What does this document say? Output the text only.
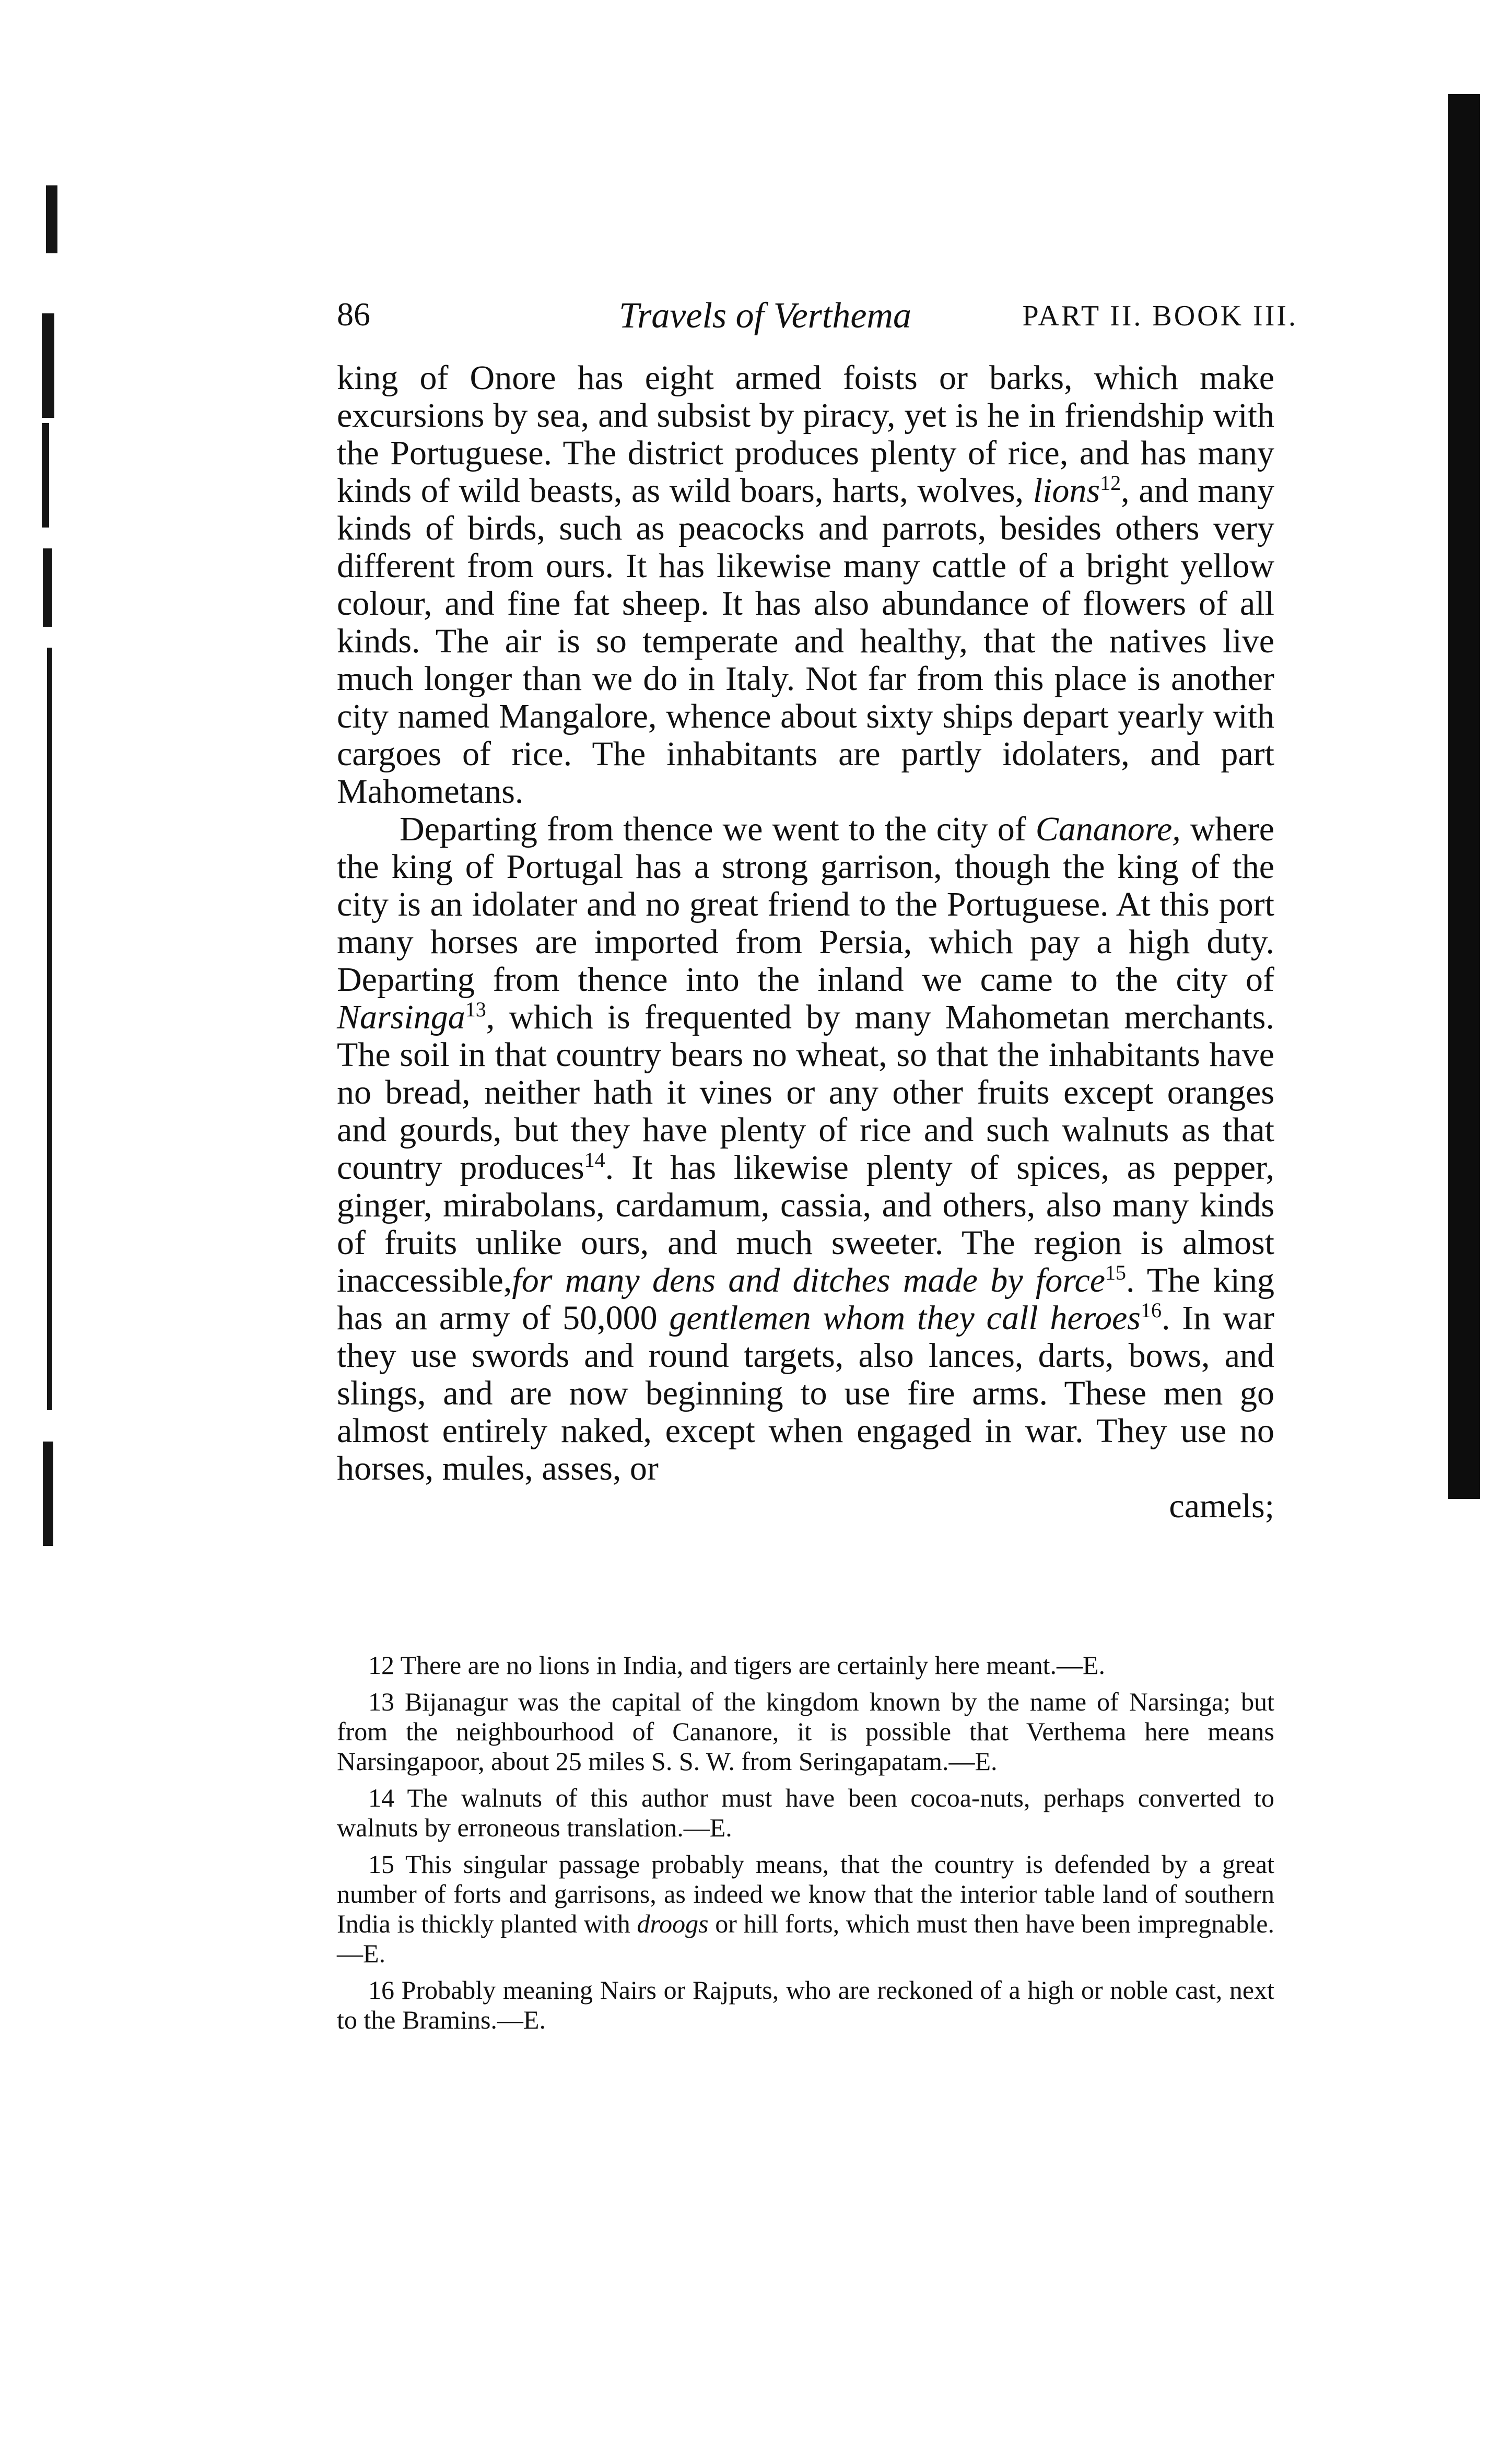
86	Travels of Verthema	PART II. BOOK III.

king of Onore has eight armed foists or barks, which make excursions by sea, and subsist by piracy, yet is he in friendship with the Portuguese. The district produces plenty of rice, and has many kinds of wild beasts, as wild boars, harts, wolves, lions$^{12}$, and many kinds of birds, such as peacocks and parrots, besides others very different from ours. It has likewise many cattle of a bright yellow colour, and fine fat sheep. It has also abundance of flowers of all kinds. The air is so temperate and healthy, that the natives live much longer than we do in Italy. Not far from this place is another city named Mangalore, whence about sixty ships depart yearly with cargoes of rice. The inhabitants are partly idolaters, and part Mahometans.

Departing from thence we went to the city of Cananore, where the king of Portugal has a strong garrison, though the king of the city is an idolater and no great friend to the Portuguese. At this port many horses are imported from Persia, which pay a high duty. Departing from thence into the inland we came to the city of Narsinga$^{13}$, which is frequented by many Mahometan merchants. The soil in that country bears no wheat, so that the inhabitants have no bread, neither hath it vines or any other fruits except oranges and gourds, but they have plenty of rice and such walnuts as that country produces$^{14}$. It has likewise plenty of spices, as pepper, ginger, mirabolans, cardamum, cassia, and others, also many kinds of fruits unlike ours, and much sweeter. The region is almost inaccessible,for many dens and ditches made by force$^{15}$. The king has an army of 50,000 gentlemen whom they call heroes$^{16}$. In war they use swords and round targets, also lances, darts, bows, and slings, and are now beginning to use fire arms. These men go almost entirely naked, except when engaged in war. They use no horses, mules, asses, or
camels;

12 There are no lions in India, and tigers are certainly here meant.—E.

13 Bijanagur was the capital of the kingdom known by the name of Narsinga; but from the neighbourhood of Cananore, it is possible that Verthema here means Narsingapoor, about 25 miles S. S. W. from Seringapatam.—E.

14 The walnuts of this author must have been cocoa-nuts, perhaps converted to walnuts by erroneous translation.—E.

15 This singular passage probably means, that the country is defended by a great number of forts and garrisons, as indeed we know that the interior table land of southern India is thickly planted with droogs or hill forts, which must then have been impregnable.—E.

16 Probably meaning Nairs or Rajputs, who are reckoned of a high or noble cast, next to the Bramins.—E.
